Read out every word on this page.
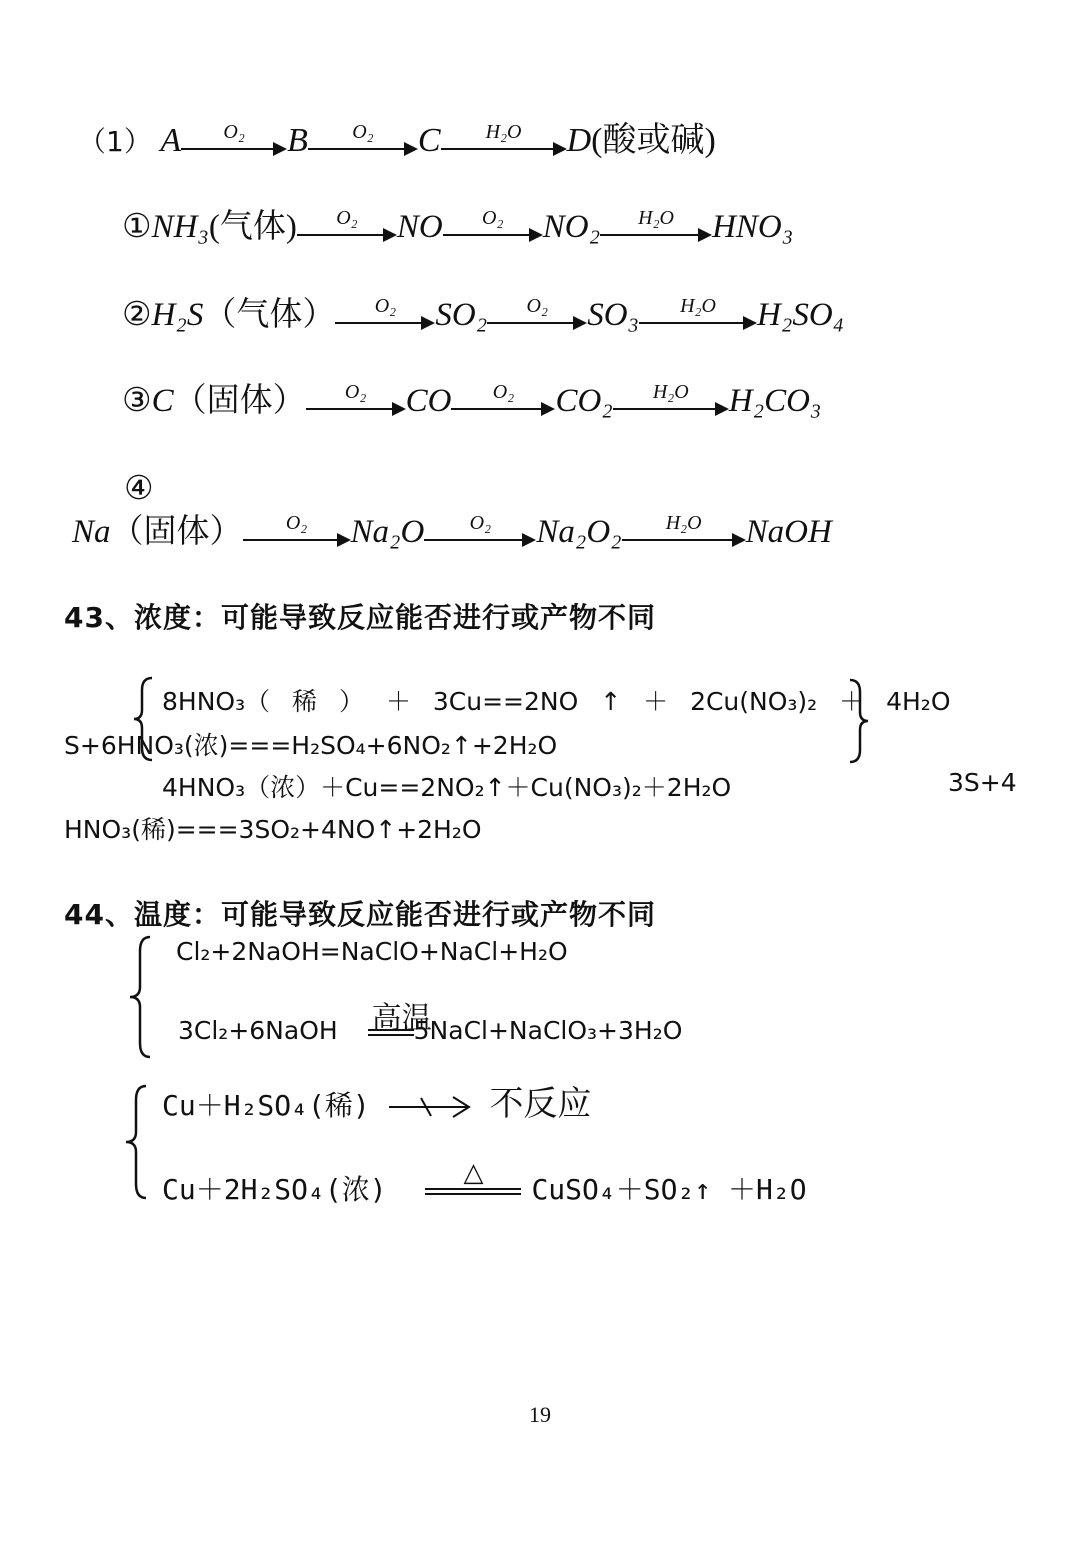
（1） A	O₂	B	O₂	C	H₂O	D(酸或碱)
①NH₃(气体)	O₂	NO	O₂	NO₂	H₂O	HNO₃
②H₂S（气体）	O₂	SO₂	O₂	SO₃	H₂O	H₂SO₄
③C（固体）	O₂	CO	O₂	CO₂	H₂O	H₂CO₃
④
Na（固体）	O₂	Na₂O	O₂	Na₂O₂	H₂O	NaOH
43、浓度：可能导致反应能否进行或产物不同
8HNO₃（ 稀 ） ＋ 3Cu==2NO ↑ ＋ 2Cu(NO₃)₂ ＋ 4H₂O
S+6HNO₃(浓)===H₂SO₄+6NO₂↑+2H₂O
4HNO₃（浓）＋Cu==2NO₂↑＋Cu(NO₃)₂＋2H₂O	3S+4
HNO₃(稀)===3SO₂+4NO↑+2H₂O
44、温度：可能导致反应能否进行或产物不同
Cl₂+2NaOH=NaClO+NaCl+H₂O
3Cl₂+6NaOH 高温
5NaCl+NaClO₃+3H₂O
Cu＋H₂SO₄(稀)	不反应
Cu＋2H₂SO₄(浓)
△
CuSO₄＋SO₂↑ ＋H₂O
19
